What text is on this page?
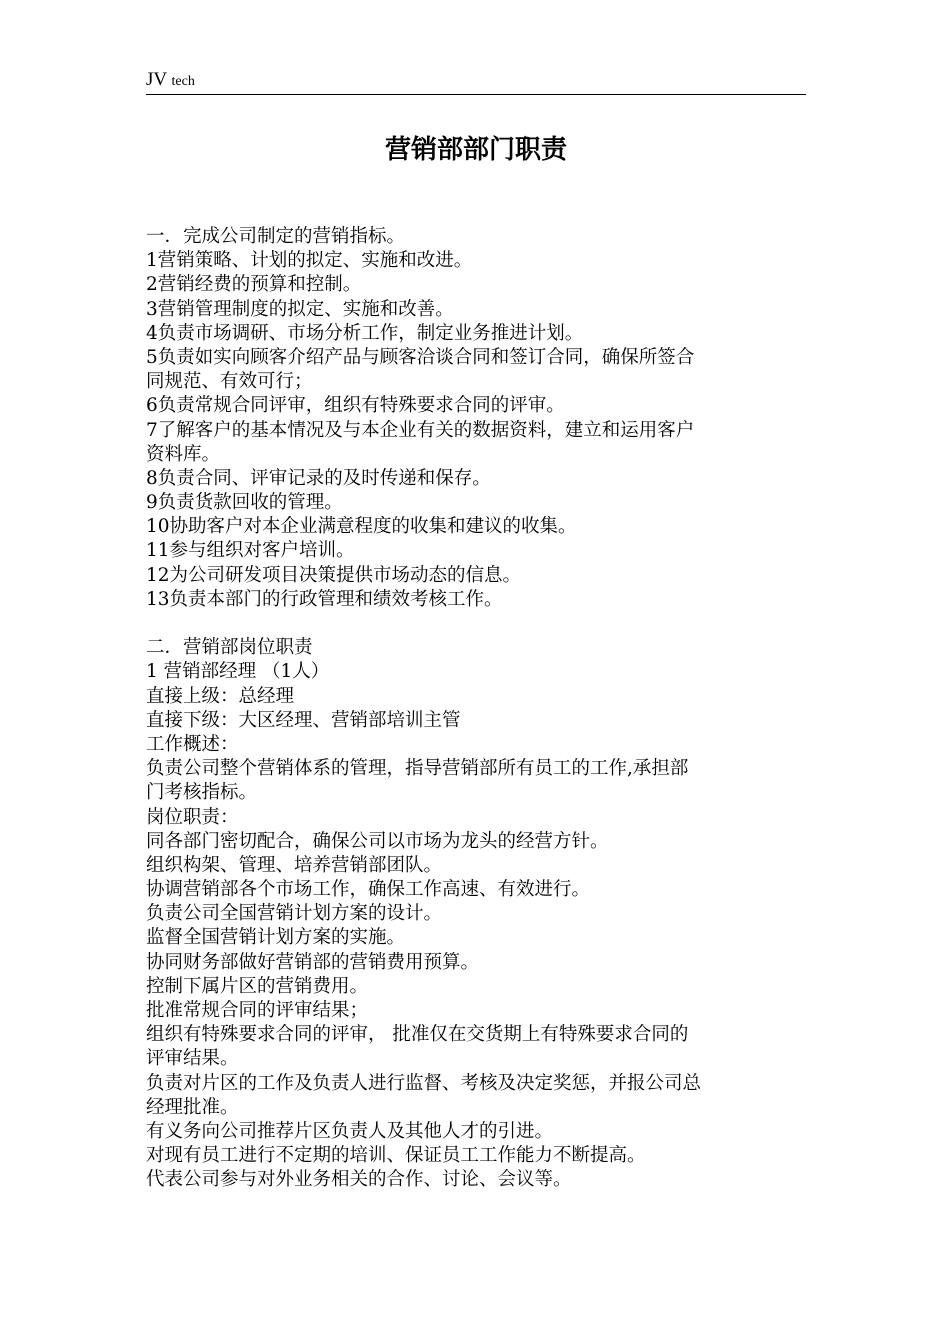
JV tech
营销部部门职责
一．完成公司制定的营销指标。
1营销策略、计划的拟定、实施和改进。
2营销经费的预算和控制。
3营销管理制度的拟定、实施和改善。
4负责市场调研、市场分析工作，制定业务推进计划。
5负责如实向顾客介绍产品与顾客洽谈合同和签订合同，确保所签合
同规范、有效可行；
6负责常规合同评审，组织有特殊要求合同的评审。
7了解客户的基本情况及与本企业有关的数据资料，建立和运用客户
资料库。
8负责合同、评审记录的及时传递和保存。
9负责货款回收的管理。
10协助客户对本企业满意程度的收集和建议的收集。
11参与组织对客户培训。
12为公司研发项目决策提供市场动态的信息。
13负责本部门的行政管理和绩效考核工作。
二．营销部岗位职责
1 营销部经理 （1人）
直接上级：总经理
直接下级：大区经理、营销部培训主管
工作概述：
负责公司整个营销体系的管理，指导营销部所有员工的工作,承担部
门考核指标。
岗位职责：
同各部门密切配合，确保公司以市场为龙头的经营方针。
组织构架、管理、培养营销部团队。
协调营销部各个市场工作，确保工作高速、有效进行。
负责公司全国营销计划方案的设计。
监督全国营销计划方案的实施。
协同财务部做好营销部的营销费用预算。
控制下属片区的营销费用。
批准常规合同的评审结果；
组织有特殊要求合同的评审， 批准仅在交货期上有特殊要求合同的
评审结果。
负责对片区的工作及负责人进行监督、考核及决定奖惩，并报公司总
经理批准。
有义务向公司推荐片区负责人及其他人才的引进。
对现有员工进行不定期的培训、保证员工工作能力不断提高。
代表公司参与对外业务相关的合作、讨论、会议等。
